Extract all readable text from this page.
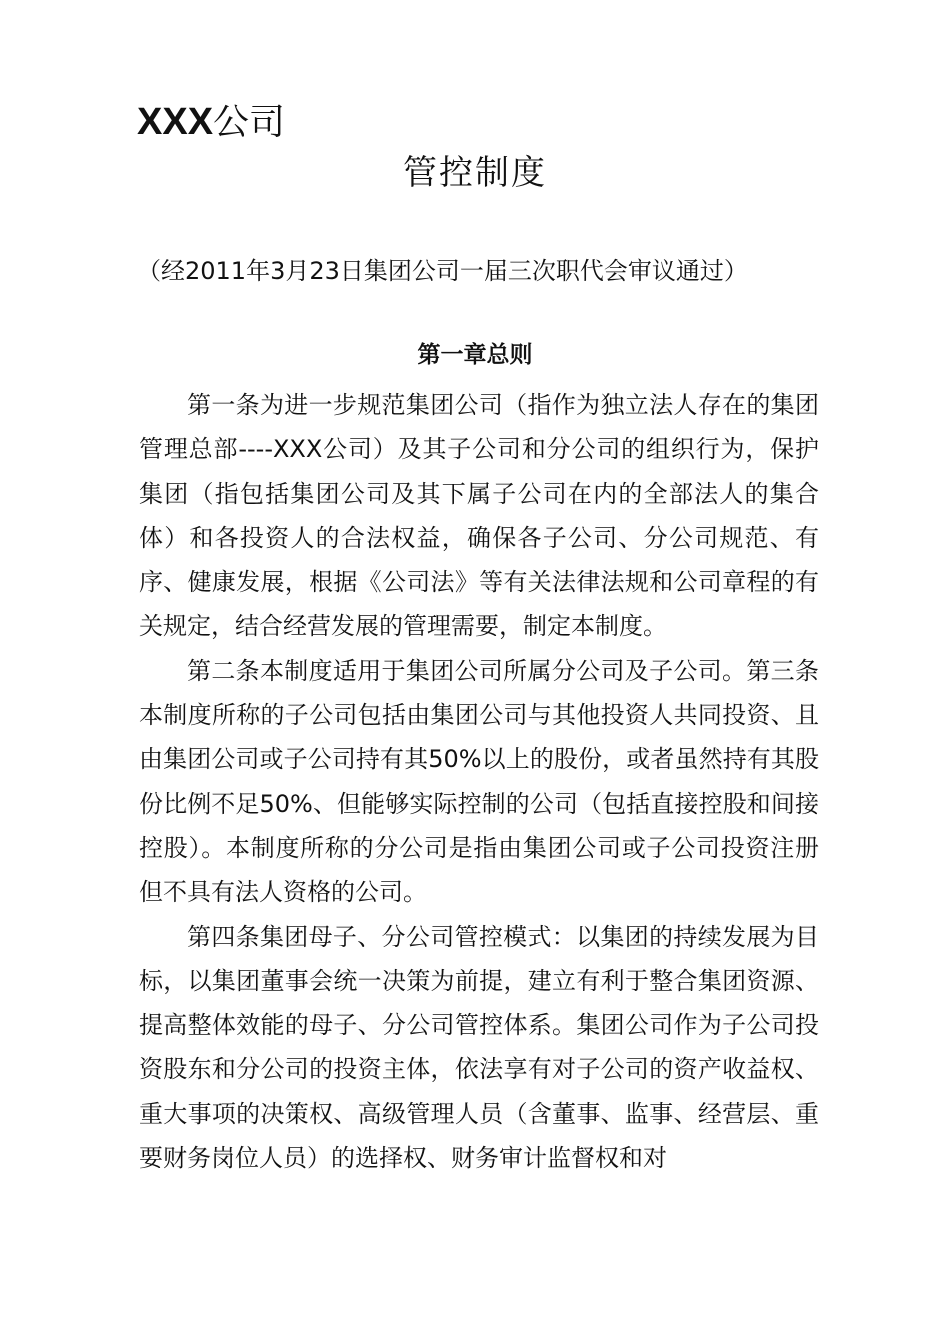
XXX公司
管控制度
（经2011年3月23日集团公司一届三次职代会审议通过）
第一章总则

第一条为进一步规范集团公司（指作为独立法人存在的集团管理总部----XXX公司）及其子公司和分公司的组织行为，保护集团（指包括集团公司及其下属子公司在内的全部法人的集合体）和各投资人的合法权益，确保各子公司、分公司规范、有序、健康发展，根据《公司法》等有关法律法规和公司章程的有关规定，结合经营发展的管理需要，制定本制度。

第二条本制度适用于集团公司所属分公司及子公司。第三条本制度所称的子公司包括由集团公司与其他投资人共同投资、且由集团公司或子公司持有其50%以上的股份，或者虽然持有其股份比例不足50%、但能够实际控制的公司（包括直接控股和间接控股）。本制度所称的分公司是指由集团公司或子公司投资注册但不具有法人资格的公司。

第四条集团母子、分公司管控模式：以集团的持续发展为目标，以集团董事会统一决策为前提，建立有利于整合集团资源、提高整体效能的母子、分公司管控体系。集团公司作为子公司投资股东和分公司的投资主体，依法享有对子公司的资产收益权、重大事项的决策权、高级管理人员（含董事、监事、经营层、重要财务岗位人员）的选择权、财务审计监督权和对
